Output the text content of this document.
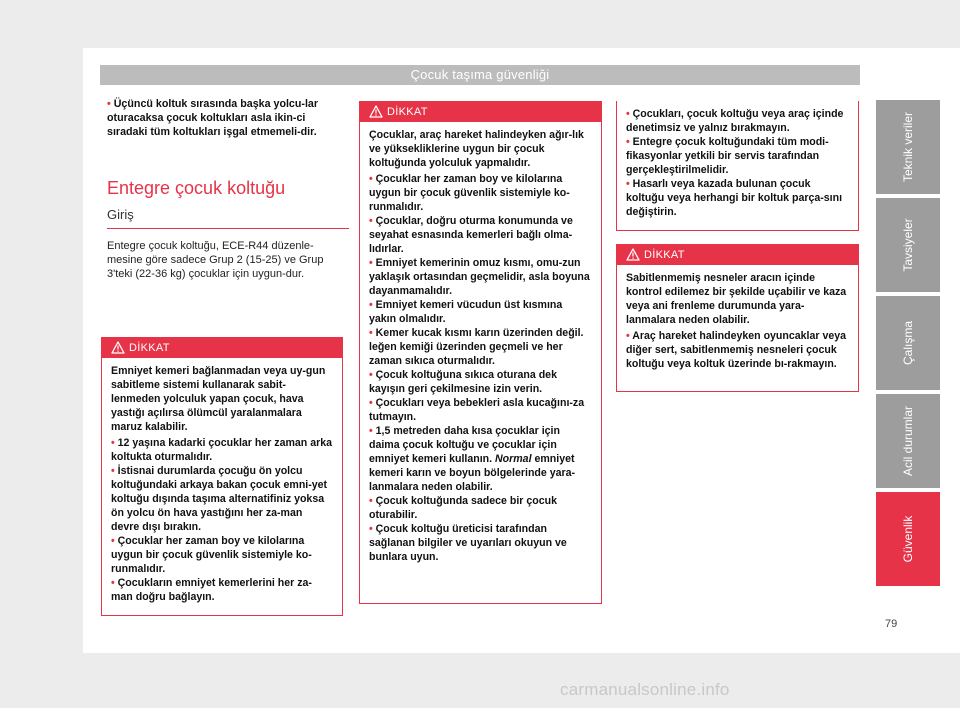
Çocuk taşıma güvenliği

• Üçüncü koltuk sırasında başka yolcu-lar oturacaksa çocuk koltukları asla ikin-ci sıradaki tüm koltukları işgal etmemeli-dir.

Entegre çocuk koltuğu

Giriş

Entegre çocuk koltuğu, ECE-R44 düzenle-mesine göre sadece Grup 2 (15-25) ve Grup 3'teki (22-36 kg) çocuklar için uygun-dur.

DİKKAT

Emniyet kemeri bağlanmadan veya uy-gun sabitleme sistemi kullanarak sabit-lenmeden yolculuk yapan çocuk, hava yastığı açılırsa ölümcül yaralanmalara maruz kalabilir.

• 12 yaşına kadarki çocuklar her zaman arka koltukta oturmalıdır.

• İstisnai durumlarda çocuğu ön yolcu koltuğundaki arkaya bakan çocuk emni-yet koltuğu dışında taşıma alternatifiniz yoksa ön yolcu ön hava yastığını her za-man devre dışı bırakın.

• Çocuklar her zaman boy ve kilolarına uygun bir çocuk güvenlik sistemiyle ko-runmalıdır.

• Çocukların emniyet kemerlerini her za-man doğru bağlayın.

DİKKAT

Çocuklar, araç hareket halindeyken ağır-lık ve yüksekliklerine uygun bir çocuk koltuğunda yolculuk yapmalıdır.

• Çocuklar her zaman boy ve kilolarına uygun bir çocuk güvenlik sistemiyle ko-runmalıdır.

• Çocuklar, doğru oturma konumunda ve seyahat esnasında kemerleri bağlı olma-lıdırlar.

• Emniyet kemerinin omuz kısmı, omu-zun yaklaşık ortasından geçmelidir, asla boyuna dayanmamalıdır.

• Emniyet kemeri vücudun üst kısmına yakın olmalıdır.

• Kemer kucak kısmı karın üzerinden değil. leğen kemiği üzerinden geçmeli ve her zaman sıkıca oturmalıdır.

• Çocuk koltuğuna sıkıca oturana dek kayışın geri çekilmesine izin verin.

• Çocukları veya bebekleri asla kucağını-za tutmayın.

• 1,5 metreden daha kısa çocuklar için daima çocuk koltuğu ve çocuklar için emniyet kemeri kullanın. Normal emniyet kemeri karın ve boyun bölgelerinde yara-lanmalara neden olabilir.

• Çocuk koltuğunda sadece bir çocuk oturabilir.

• Çocuk koltuğu üreticisi tarafından sağlanan bilgiler ve uyarıları okuyun ve bunlara uyun.

• Çocukları, çocuk koltuğu veya araç içinde denetimsiz ve yalnız bırakmayın.

• Entegre çocuk koltuğundaki tüm modi-fikasyonlar yetkili bir servis tarafından gerçekleştirilmelidir.

• Hasarlı veya kazada bulunan çocuk koltuğu veya herhangi bir koltuk parça-sını değiştirin.

DİKKAT

Sabitlenmemiş nesneler aracın içinde kontrol edilemez bir şekilde uçabilir ve kaza veya ani frenleme durumunda yara-lanmalara neden olabilir.

• Araç hareket halindeyken oyuncaklar veya diğer sert, sabitlenmemiş nesneleri çocuk koltuğu veya koltuk üzerinde bı-rakmayın.

Teknik veriler
Tavsiyeler
Çalışma
Acil durumlar
Güvenlik
79
carmanualsonline.info
